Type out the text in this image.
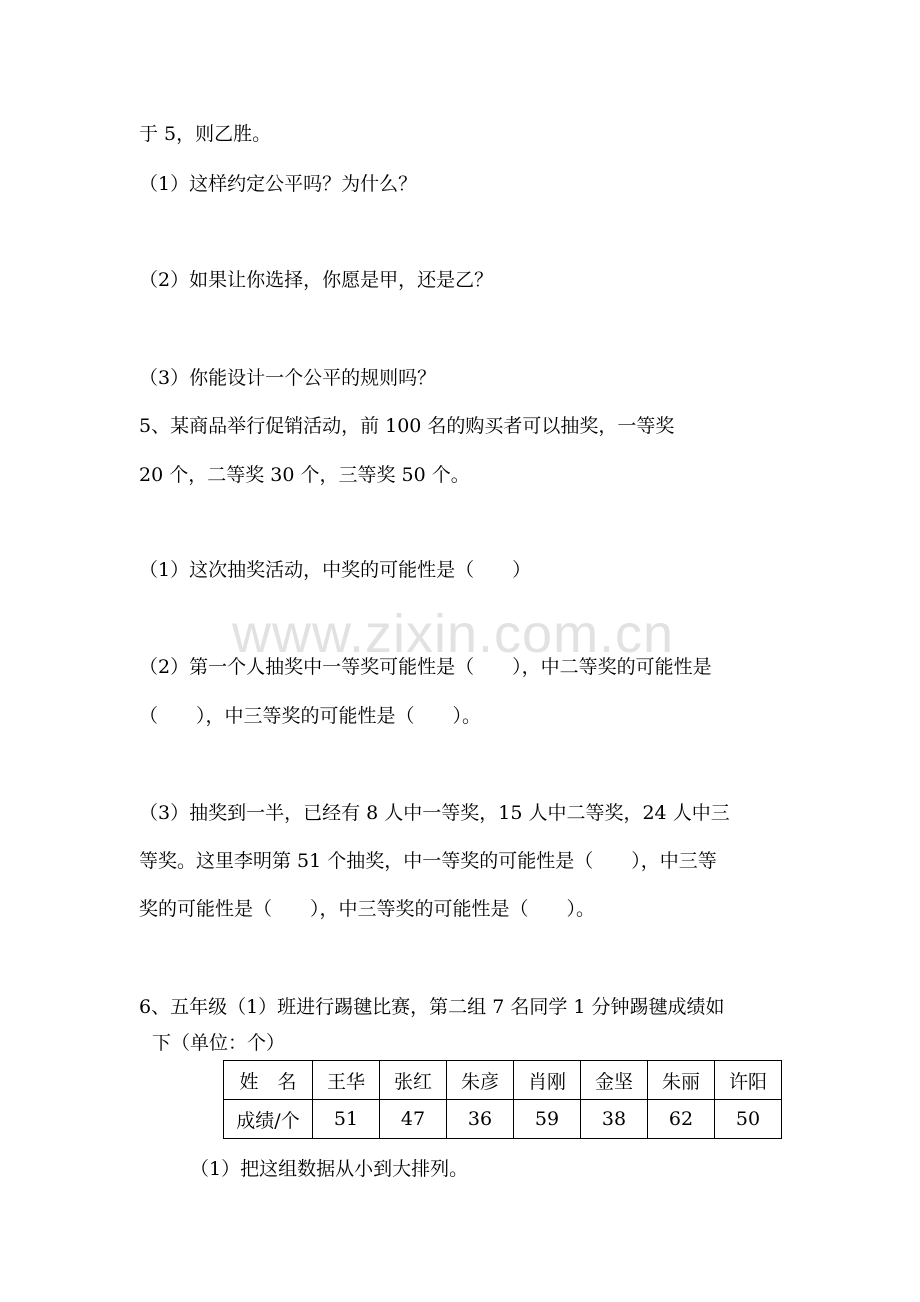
www.zixin.com.cn
于 5，则乙胜。
（1）这样约定公平吗？为什么？
（2）如果让你选择，你愿是甲，还是乙？
（3）你能设计一个公平的规则吗？
5、某商品举行促销活动，前 100 名的购买者可以抽奖，一等奖
20 个，二等奖 30 个，三等奖 50 个。
（1）这次抽奖活动，中奖的可能性是（　　）
（2）第一个人抽奖中一等奖可能性是（　　），中二等奖的可能性是
（　　），中三等奖的可能性是（　　）。
（3）抽奖到一半，已经有 8 人中一等奖，15 人中二等奖，24 人中三
等奖。这里李明第 51 个抽奖，中一等奖的可能性是（　　），中三等
奖的可能性是（　　），中三等奖的可能性是（　　）。
6、五年级（1）班进行踢毽比赛，第二组 7 名同学 1 分钟踢毽成绩如
下（单位：个）
姓　名	王华	张红	朱彦	肖刚	金坚	朱丽	许阳
成绩/个	51	47	36	59	38	62	50
（1）把这组数据从小到大排列。
